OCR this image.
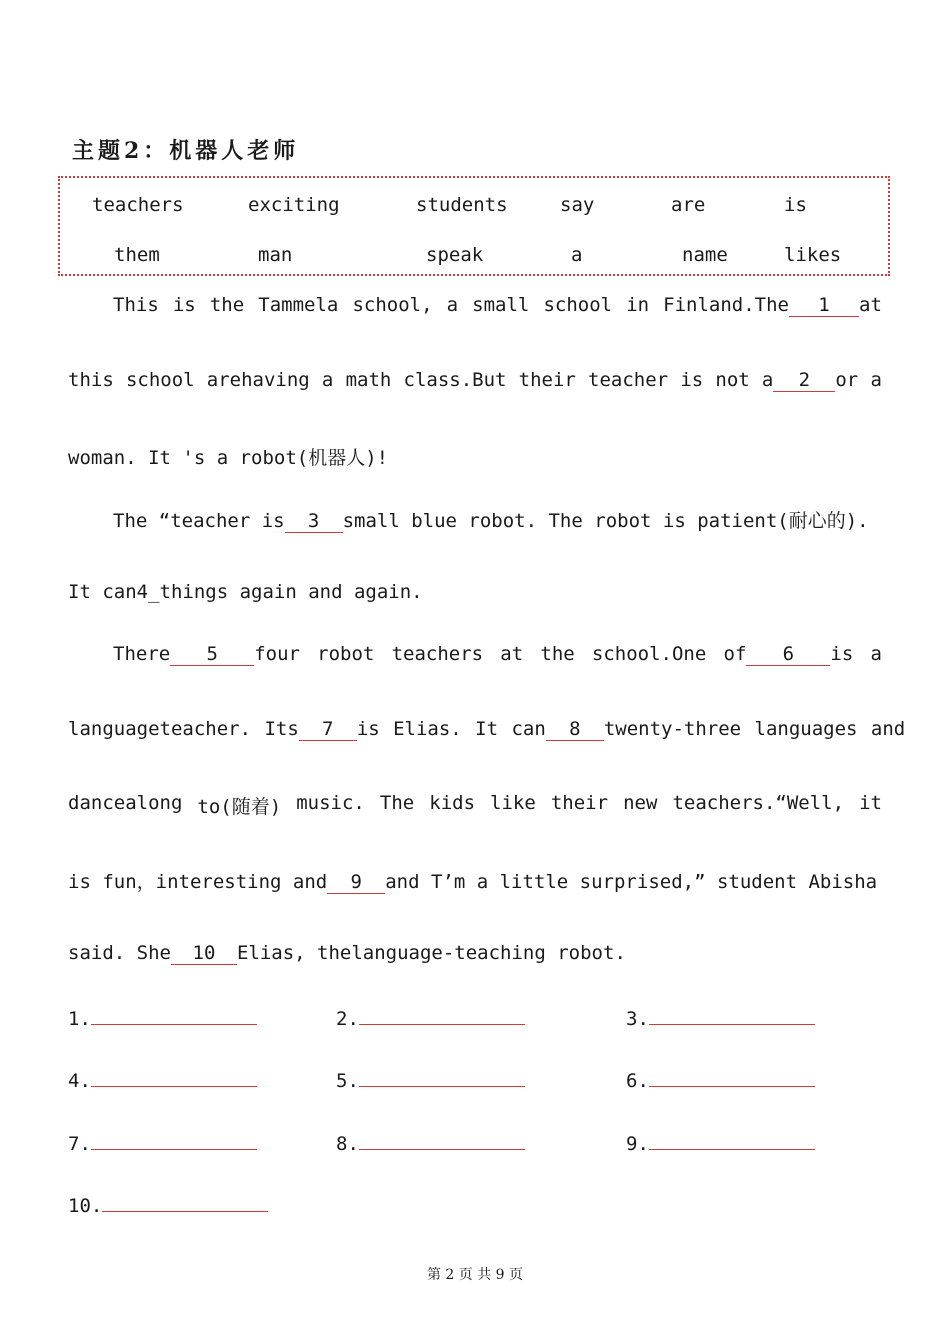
主题2：机器人老师
teachers	exciting	students	say	are	is
them	man	speak	a	name	likes
This is the Tammela school, a small school in Finland.The 1 at
this school arehaving a math class.But their teacher is not a 2 or a
woman. It 's a robot(机器人)!
The “teacher is 3 small blue robot. The robot is patient(耐心的).
It can4_things again and again.
There 5 four robot teachers at the school.One of 6 is a
languageteacher. Its 7 is Elias. It can 8 twenty-three languages and
dancealong to(随着) music. The kids like their new teachers.“Well, it
is fun，interesting and 9 and T’m a little surprised,” student Abisha
said. She 10 Elias, thelanguage-teaching robot.
1.	2.	3.
4.	5.	6.
7.	8.	9.
10.
第 2 页 共 9 页
